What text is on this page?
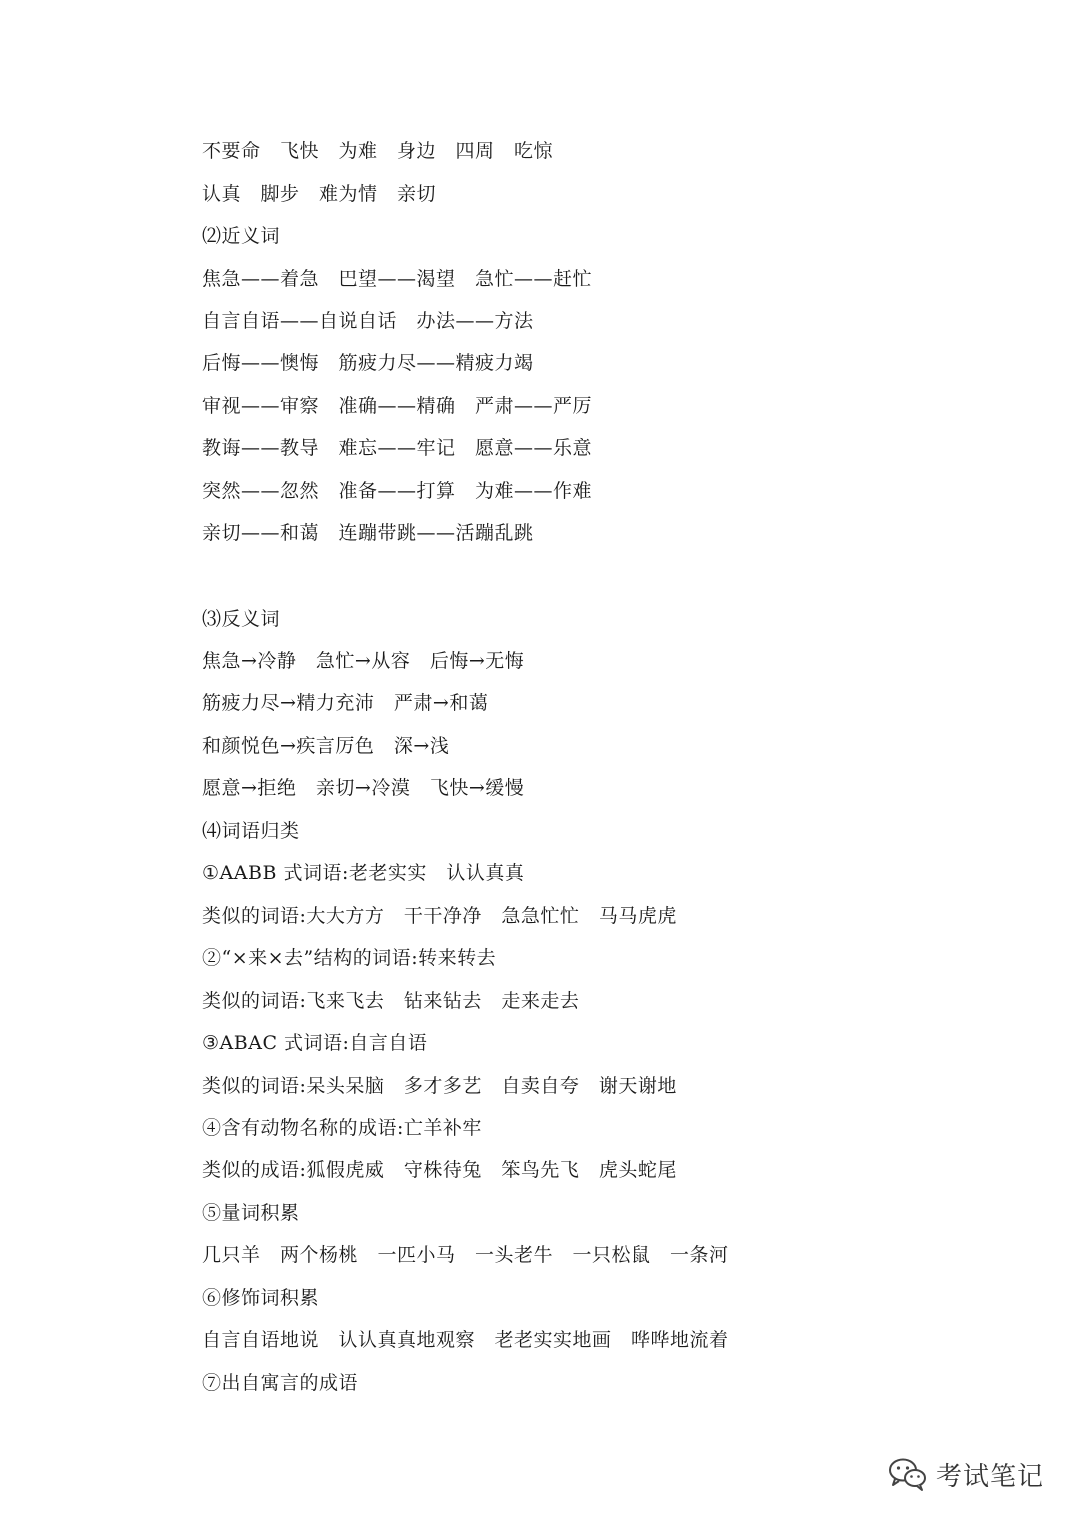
不要命　飞快　为难　身边　四周　吃惊
认真　脚步　难为情　亲切
⑵近义词
焦急——着急　巴望——渴望　急忙——赶忙
自言自语——自说自话　办法——方法
后悔——懊悔　筋疲力尽——精疲力竭
审视——审察　准确——精确　严肃——严厉
教诲——教导　难忘——牢记　愿意——乐意
突然——忽然　准备——打算　为难——作难
亲切——和蔼　连蹦带跳——活蹦乱跳
⑶反义词
焦急→冷静　急忙→从容　后悔→无悔
筋疲力尽→精力充沛　严肃→和蔼
和颜悦色→疾言厉色　深→浅
愿意→拒绝　亲切→冷漠　飞快→缓慢
⑷词语归类
①AABB 式词语:老老实实　认认真真
类似的词语:大大方方　干干净净　急急忙忙　马马虎虎
②“×来×去”结构的词语:转来转去
类似的词语:飞来飞去　钻来钻去　走来走去
③ABAC 式词语:自言自语
类似的词语:呆头呆脑　多才多艺　自卖自夸　谢天谢地
④含有动物名称的成语:亡羊补牢
类似的成语:狐假虎威　守株待兔　笨鸟先飞　虎头蛇尾
⑤量词积累
几只羊　两个杨桃　一匹小马　一头老牛　一只松鼠　一条河
⑥修饰词积累
自言自语地说　认认真真地观察　老老实实地画　哗哗地流着
⑦出自寓言的成语
考试笔记
